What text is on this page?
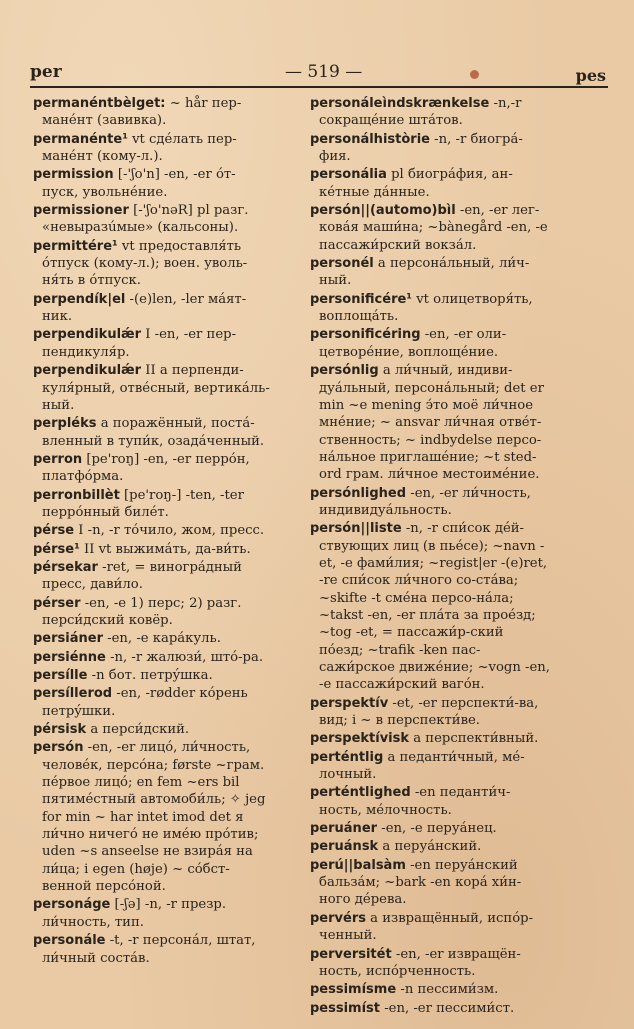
per	— 519 —	pes

permanéntbèlget: ~ hår пер-манéнт (завивка).

permanénte¹ vt сдéлать пер-манéнт (кому-л.).

permission [-'ʃo'n] -en, -er óт-пуск, увольнéние.

permissioner [-'ʃo'nəR] pl разг. «невыразúмые» (кальсоны).

permittére¹ vt предоставля́ть óтпуск (кому-л.); воен. уволь-ня́ть в óтпуск.

perpendík|el -(e)len, -ler мáят-ник.

perpendikulǽr I -en, -er пер-пендикуля́р.

perpendikulǽr II a перпенди-куля́рный, отвéсный, вертикáль-ный.

perpléks a поражённый, постá-вленный в тупи́к, озадáченный.

perron [pe'roŋ] -en, -er перрóн, платфóрма.

perronbillèt [pe'roŋ-] -ten, -ter перрóнный билéт.

pérse I -n, -r тóчило, жом, пресс.

pérse¹ II vt выжимáть, да-ви́ть.

pérsekar -ret, = виногрáдный пресс, дави́ло.

pérser -en, -e 1) перс; 2) разг. перси́дский ковёр.

persiáner -en, -e карáкуль.

persiénne -n, -r жалюзи́, штó-ра.

persílle -n бот. петрýшка.

persíllerod -en, -rødder кóрень петрýшки.

pérsisk a перси́дский.

persón -en, -er лицó, ли́чность, человéк, персóна; første ~грам. пéрвое лицó; en fem ~ers bil пятимéстный автомоби́ль; ✧ jeg for min ~ har intet imod det я ли́чно ничегó не имéю прóтив; uden ~s anseelse не взирáя на ли́ца; i egen (høje) ~ сóбст-венной персóной.

personáge [-ʃə] -n, -r презр. ли́чность, тип.

personále -t, -r персонáл, штат, ли́чный состáв.

personáleìndskrænkelse -n,-r сокращéние штáтов.

personálhistòrie -n, -r биогрá-фия.

personália pl биогрáфия, ан-кéтные дáнные.

persón||(automo)bìl -en, -er лег-ковáя маши́на; ~bànegård -en, -e пассажи́рский вокзáл.

personél a персонáльный, ли́ч-ный.

personificére¹ vt олицетворя́ть, воплощáть.

personificéring -en, -er оли-цетворéние, воплощéние.

persónlig a ли́чный, индиви-дуáльный, персонáльный; det er min ~e mening э́то моё ли́чное мнéние; ~ ansvar ли́чная отвéт-ственность; ~ indbydelse персо-нáльное приглашéние; ~t sted-ord грам. ли́чное местоимéние.

persónlighed -en, -er ли́чность, индивидуáльность.

persón||liste -n, -r спи́сок дéй-ствующих лиц (в пьéсе); ~navn -et, -e фами́лия; ~regist|er -(e)ret, -re спи́сок ли́чного со-стáва; ~skifte -t смéна персо-нáла; ~takst -en, -er плáта за проéзд; ~tog -et, = пассажи́р-ский пóезд; ~trafik -ken пас-сажи́рское движéние; ~vogn -en, -e пассажи́рский вагóн.

perspektív -et, -er перспекти́-ва, вид; i ~ в перспекти́ве.

perspektívisk a перспекти́вный.

perténtlig a педанти́чный, мé-лочный.

perténtlighed -en педанти́ч-ность, мéлочность.

peruáner -en, -e перуáнец.

peruánsk a перуáнский.

perú||balsàm -en перуáнский бальзáм; ~bark -en корá хи́н-ного дéрева.

pervérs a извращённый, испóр-ченный.

perversitét -en, -er извращён-ность, испóрченность.

pessimísme -n пессими́зм.

pessimíst -en, -er пессими́ст.
